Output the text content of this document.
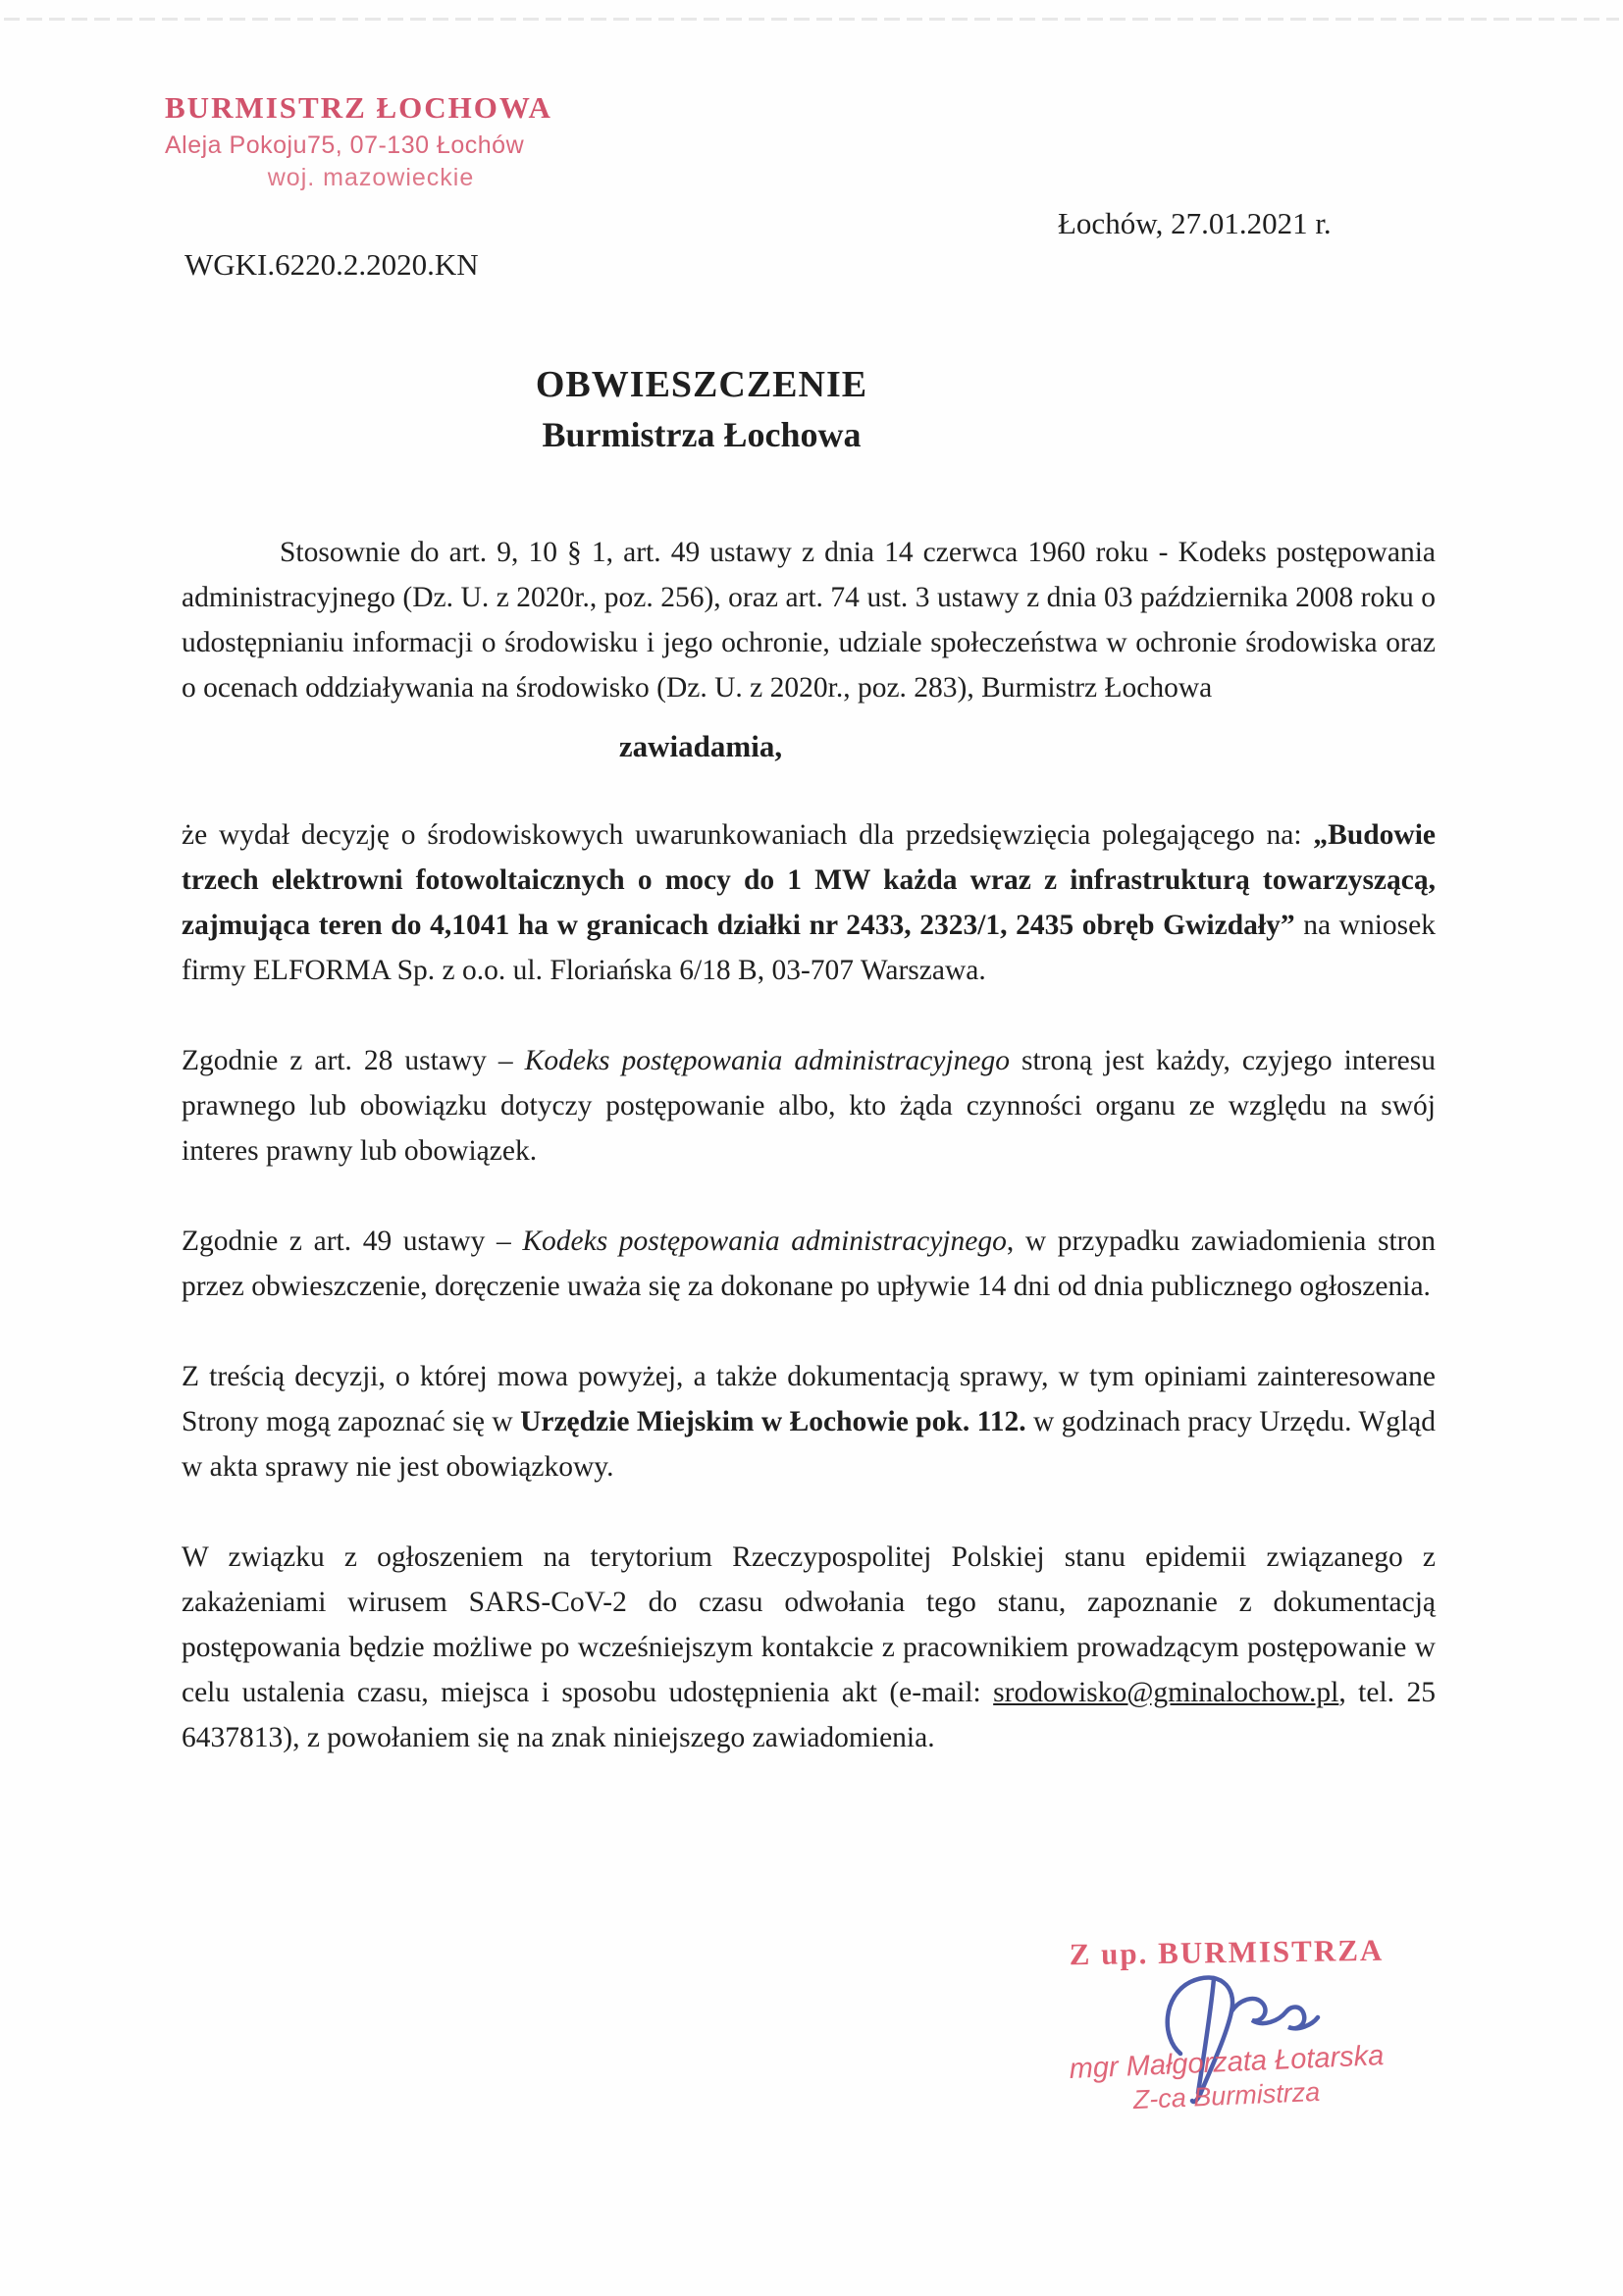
BURMISTRZ ŁOCHOWA
Aleja Pokoju75, 07-130 Łochów
woj. mazowieckie
Łochów, 27.01.2021 r.
WGKI.6220.2.2020.KN
OBWIESZCZENIE
Burmistrza Łochowa

Stosownie do art. 9, 10 § 1, art. 49 ustawy z dnia 14 czerwca 1960 roku - Kodeks postępowania administracyjnego (Dz. U. z 2020r., poz. 256), oraz art. 74 ust. 3 ustawy z dnia 03 października 2008 roku o udostępnianiu informacji o środowisku i jego ochronie, udziale społeczeństwa w ochronie środowiska oraz o ocenach oddziaływania na środowisko (Dz. U. z 2020r., poz. 283), Burmistrz Łochowa

zawiadamia,

że wydał decyzję o środowiskowych uwarunkowaniach dla przedsięwzięcia polegającego na: „Budowie trzech elektrowni fotowoltaicznych o mocy do 1 MW każda wraz z infrastrukturą towarzyszącą, zajmująca teren do 4,1041 ha w granicach działki nr 2433, 2323/1, 2435 obręb Gwizdały” na wniosek firmy ELFORMA Sp. z o.o. ul. Floriańska 6/18 B, 03-707 Warszawa.

Zgodnie z art. 28 ustawy – Kodeks postępowania administracyjnego stroną jest każdy, czyjego interesu prawnego lub obowiązku dotyczy postępowanie albo, kto żąda czynności organu ze względu na swój interes prawny lub obowiązek.

Zgodnie z art. 49 ustawy – Kodeks postępowania administracyjnego, w przypadku zawiadomienia stron przez obwieszczenie, doręczenie uważa się za dokonane po upływie 14 dni od dnia publicznego ogłoszenia.

Z treścią decyzji, o której mowa powyżej, a także dokumentacją sprawy, w tym opiniami zainteresowane Strony mogą zapoznać się w Urzędzie Miejskim w Łochowie pok. 112. w godzinach pracy Urzędu. Wgląd w akta sprawy nie jest obowiązkowy.

W związku z ogłoszeniem na terytorium Rzeczypospolitej Polskiej stanu epidemii związanego z zakażeniami wirusem SARS-CoV-2 do czasu odwołania tego stanu, zapoznanie z dokumentacją postępowania będzie możliwe po wcześniejszym kontakcie z pracownikiem prowadzącym postępowanie w celu ustalenia czasu, miejsca i sposobu udostępnienia akt (e-mail: srodowisko@gminalochow.pl, tel. 25 6437813), z powołaniem się na znak niniejszego zawiadomienia.

Z up. BURMISTRZA
mgr Małgorzata Łotarska
Z-ca Burmistrza
